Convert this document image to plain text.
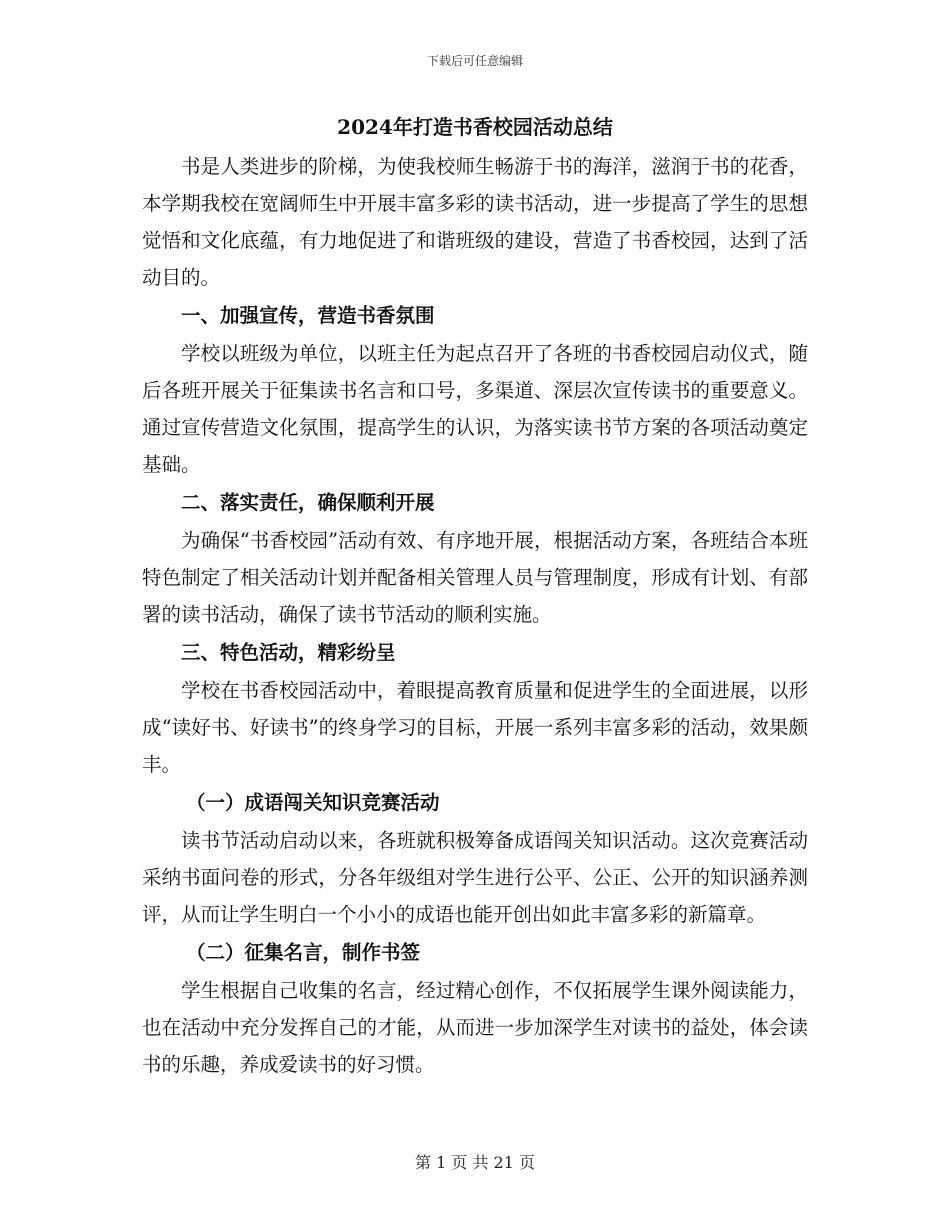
下载后可任意编辑
2024年打造书香校园活动总结

书是人类进步的阶梯，为使我校师生畅游于书的海洋，滋润于书的花香，本学期我校在宽阔师生中开展丰富多彩的读书活动，进一步提高了学生的思想觉悟和文化底蕴，有力地促进了和谐班级的建设，营造了书香校园，达到了活动目的。

一、加强宣传，营造书香氛围

学校以班级为单位，以班主任为起点召开了各班的书香校园启动仪式，随后各班开展关于征集读书名言和口号，多渠道、深层次宣传读书的重要意义。通过宣传营造文化氛围，提高学生的认识，为落实读书节方案的各项活动奠定基础。

二、落实责任，确保顺利开展

为确保“书香校园”活动有效、有序地开展，根据活动方案，各班结合本班特色制定了相关活动计划并配备相关管理人员与管理制度，形成有计划、有部署的读书活动，确保了读书节活动的顺利实施。

三、特色活动，精彩纷呈

学校在书香校园活动中，着眼提高教育质量和促进学生的全面进展，以形成“读好书、好读书”的终身学习的目标，开展一系列丰富多彩的活动，效果颇丰。

（一）成语闯关知识竞赛活动

读书节活动启动以来，各班就积极筹备成语闯关知识活动。这次竞赛活动采纳书面问卷的形式，分各年级组对学生进行公平、公正、公开的知识涵养测评，从而让学生明白一个小小的成语也能开创出如此丰富多彩的新篇章。

（二）征集名言，制作书签

学生根据自己收集的名言，经过精心创作，不仅拓展学生课外阅读能力，也在活动中充分发挥自己的才能，从而进一步加深学生对读书的益处，体会读书的乐趣，养成爱读书的好习惯。

第 1 页 共 21 页
